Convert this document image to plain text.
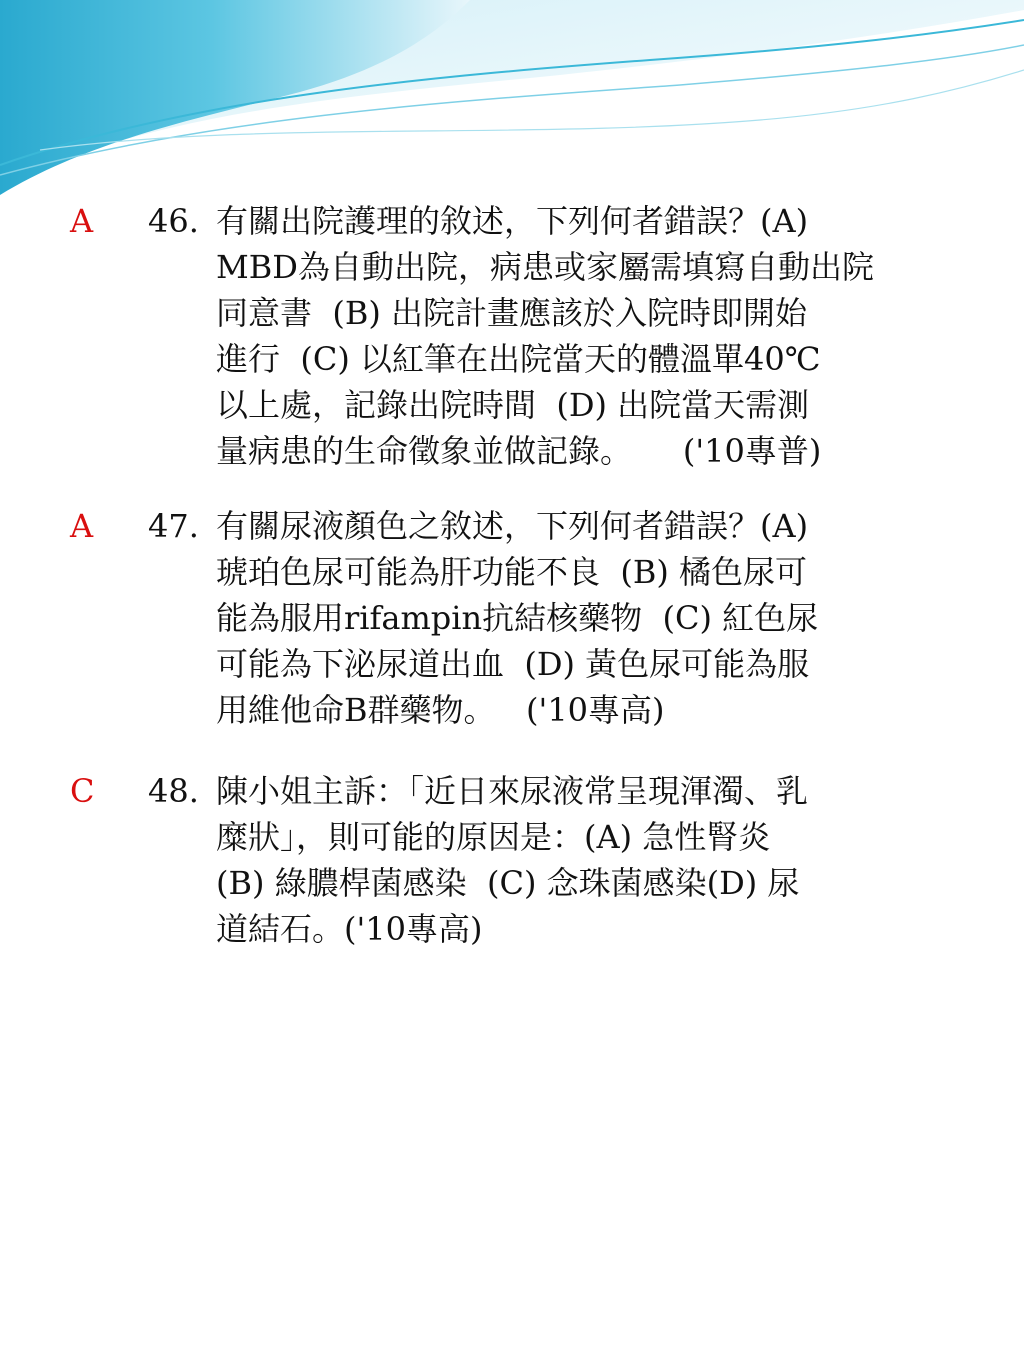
A 46. 有關出院護理的敘述，下列何者錯誤？(A)
MBD為自動出院，病患或家屬需填寫自動出院
同意書  (B) 出院計畫應該於入院時即開始
進行  (C) 以紅筆在出院當天的體溫單40℃
以上處，記錄出院時間  (D) 出院當天需測
量病患的生命徵象並做記錄。     ('10專普)
A 47. 有關尿液顏色之敘述，下列何者錯誤？(A)
琥珀色尿可能為肝功能不良  (B) 橘色尿可
能為服用rifampin抗結核藥物  (C) 紅色尿
可能為下泌尿道出血  (D) 黃色尿可能為服
用維他命B群藥物。   ('10專高)
C 48. 陳小姐主訴：「近日來尿液常呈現渾濁、乳
糜狀」，則可能的原因是：(A) 急性腎炎
(B) 綠膿桿菌感染  (C) 念珠菌感染(D) 尿
道結石。('10專高)
